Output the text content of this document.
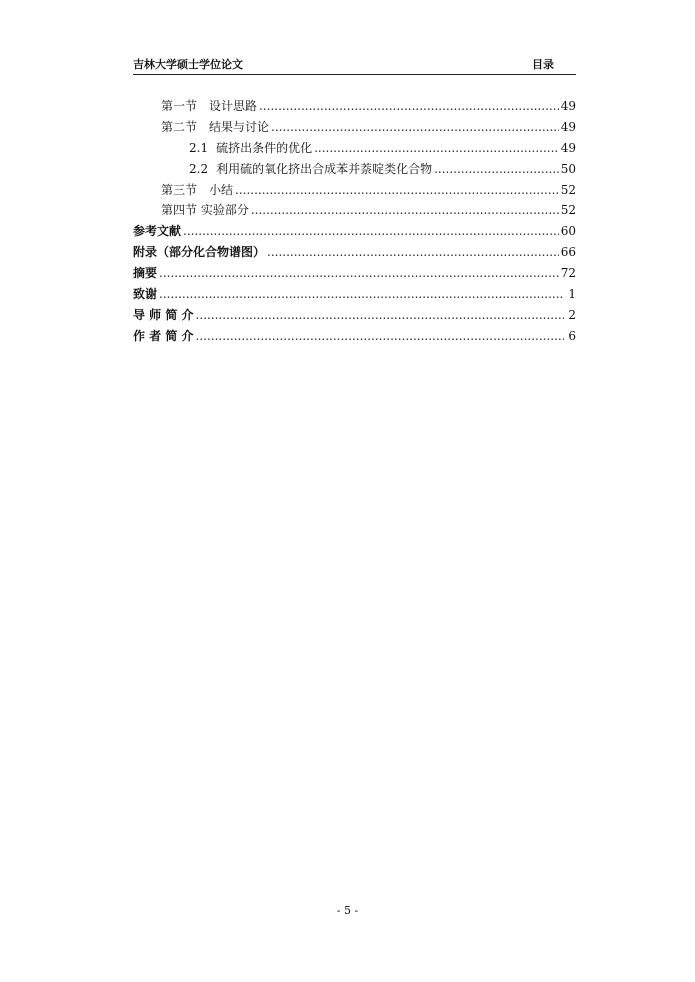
吉林大学硕士学位论文	目录
第一节　设计思路 .....	49
第二节　结果与讨论 .....	49
2.1 硫挤出条件的优化 .....	49
2.2 利用硫的氧化挤出合成苯并萘啶类化合物 .....	50
第三节　小结 .....	52
第四节 实验部分 .....	52
参考文献 .....	60
附录（部分化合物谱图） .....	66
摘要 .....	72
致谢 .....	1
导 师 简 介 .....	2
作 者 简 介 .....	6
- 5 -
